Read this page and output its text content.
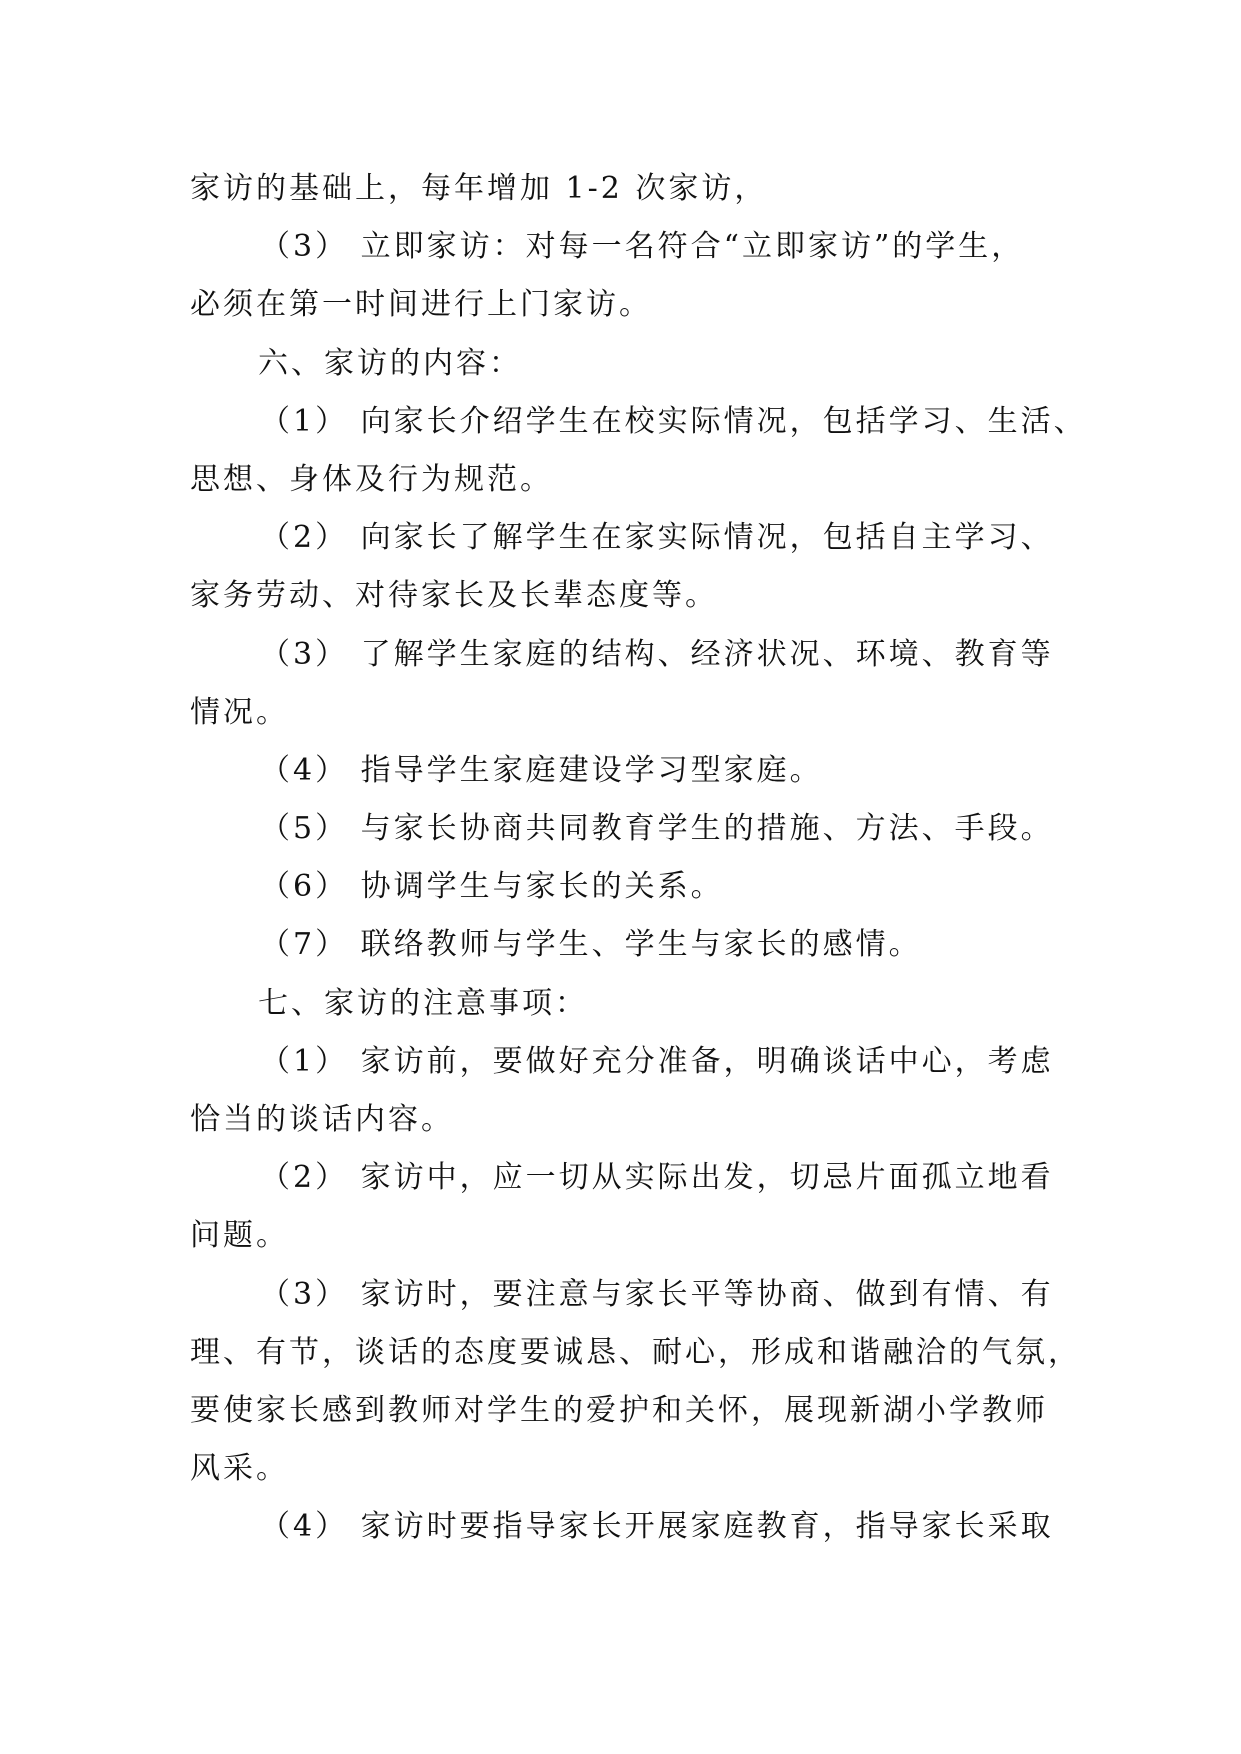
家访的基础上，每年增加 1-2 次家访，
（3） 立即家访：对每一名符合“立即家访”的学生，
必须在第一时间进行上门家访。
六、家访的内容：
（1） 向家长介绍学生在校实际情况，包括学习、生活、
思想、身体及行为规范。
（2） 向家长了解学生在家实际情况，包括自主学习、
家务劳动、对待家长及长辈态度等。
（3） 了解学生家庭的结构、经济状况、环境、教育等
情况。
（4） 指导学生家庭建设学习型家庭。
（5） 与家长协商共同教育学生的措施、方法、手段。
（6） 协调学生与家长的关系。
（7） 联络教师与学生、学生与家长的感情。
七、家访的注意事项：
（1） 家访前，要做好充分准备，明确谈话中心，考虑
恰当的谈话内容。
（2） 家访中，应一切从实际出发，切忌片面孤立地看
问题。
（3） 家访时，要注意与家长平等协商、做到有情、有
理、有节，谈话的态度要诚恳、耐心，形成和谐融洽的气氛，
要使家长感到教师对学生的爱护和关怀，展现新湖小学教师
风采。
（4） 家访时要指导家长开展家庭教育，指导家长采取
